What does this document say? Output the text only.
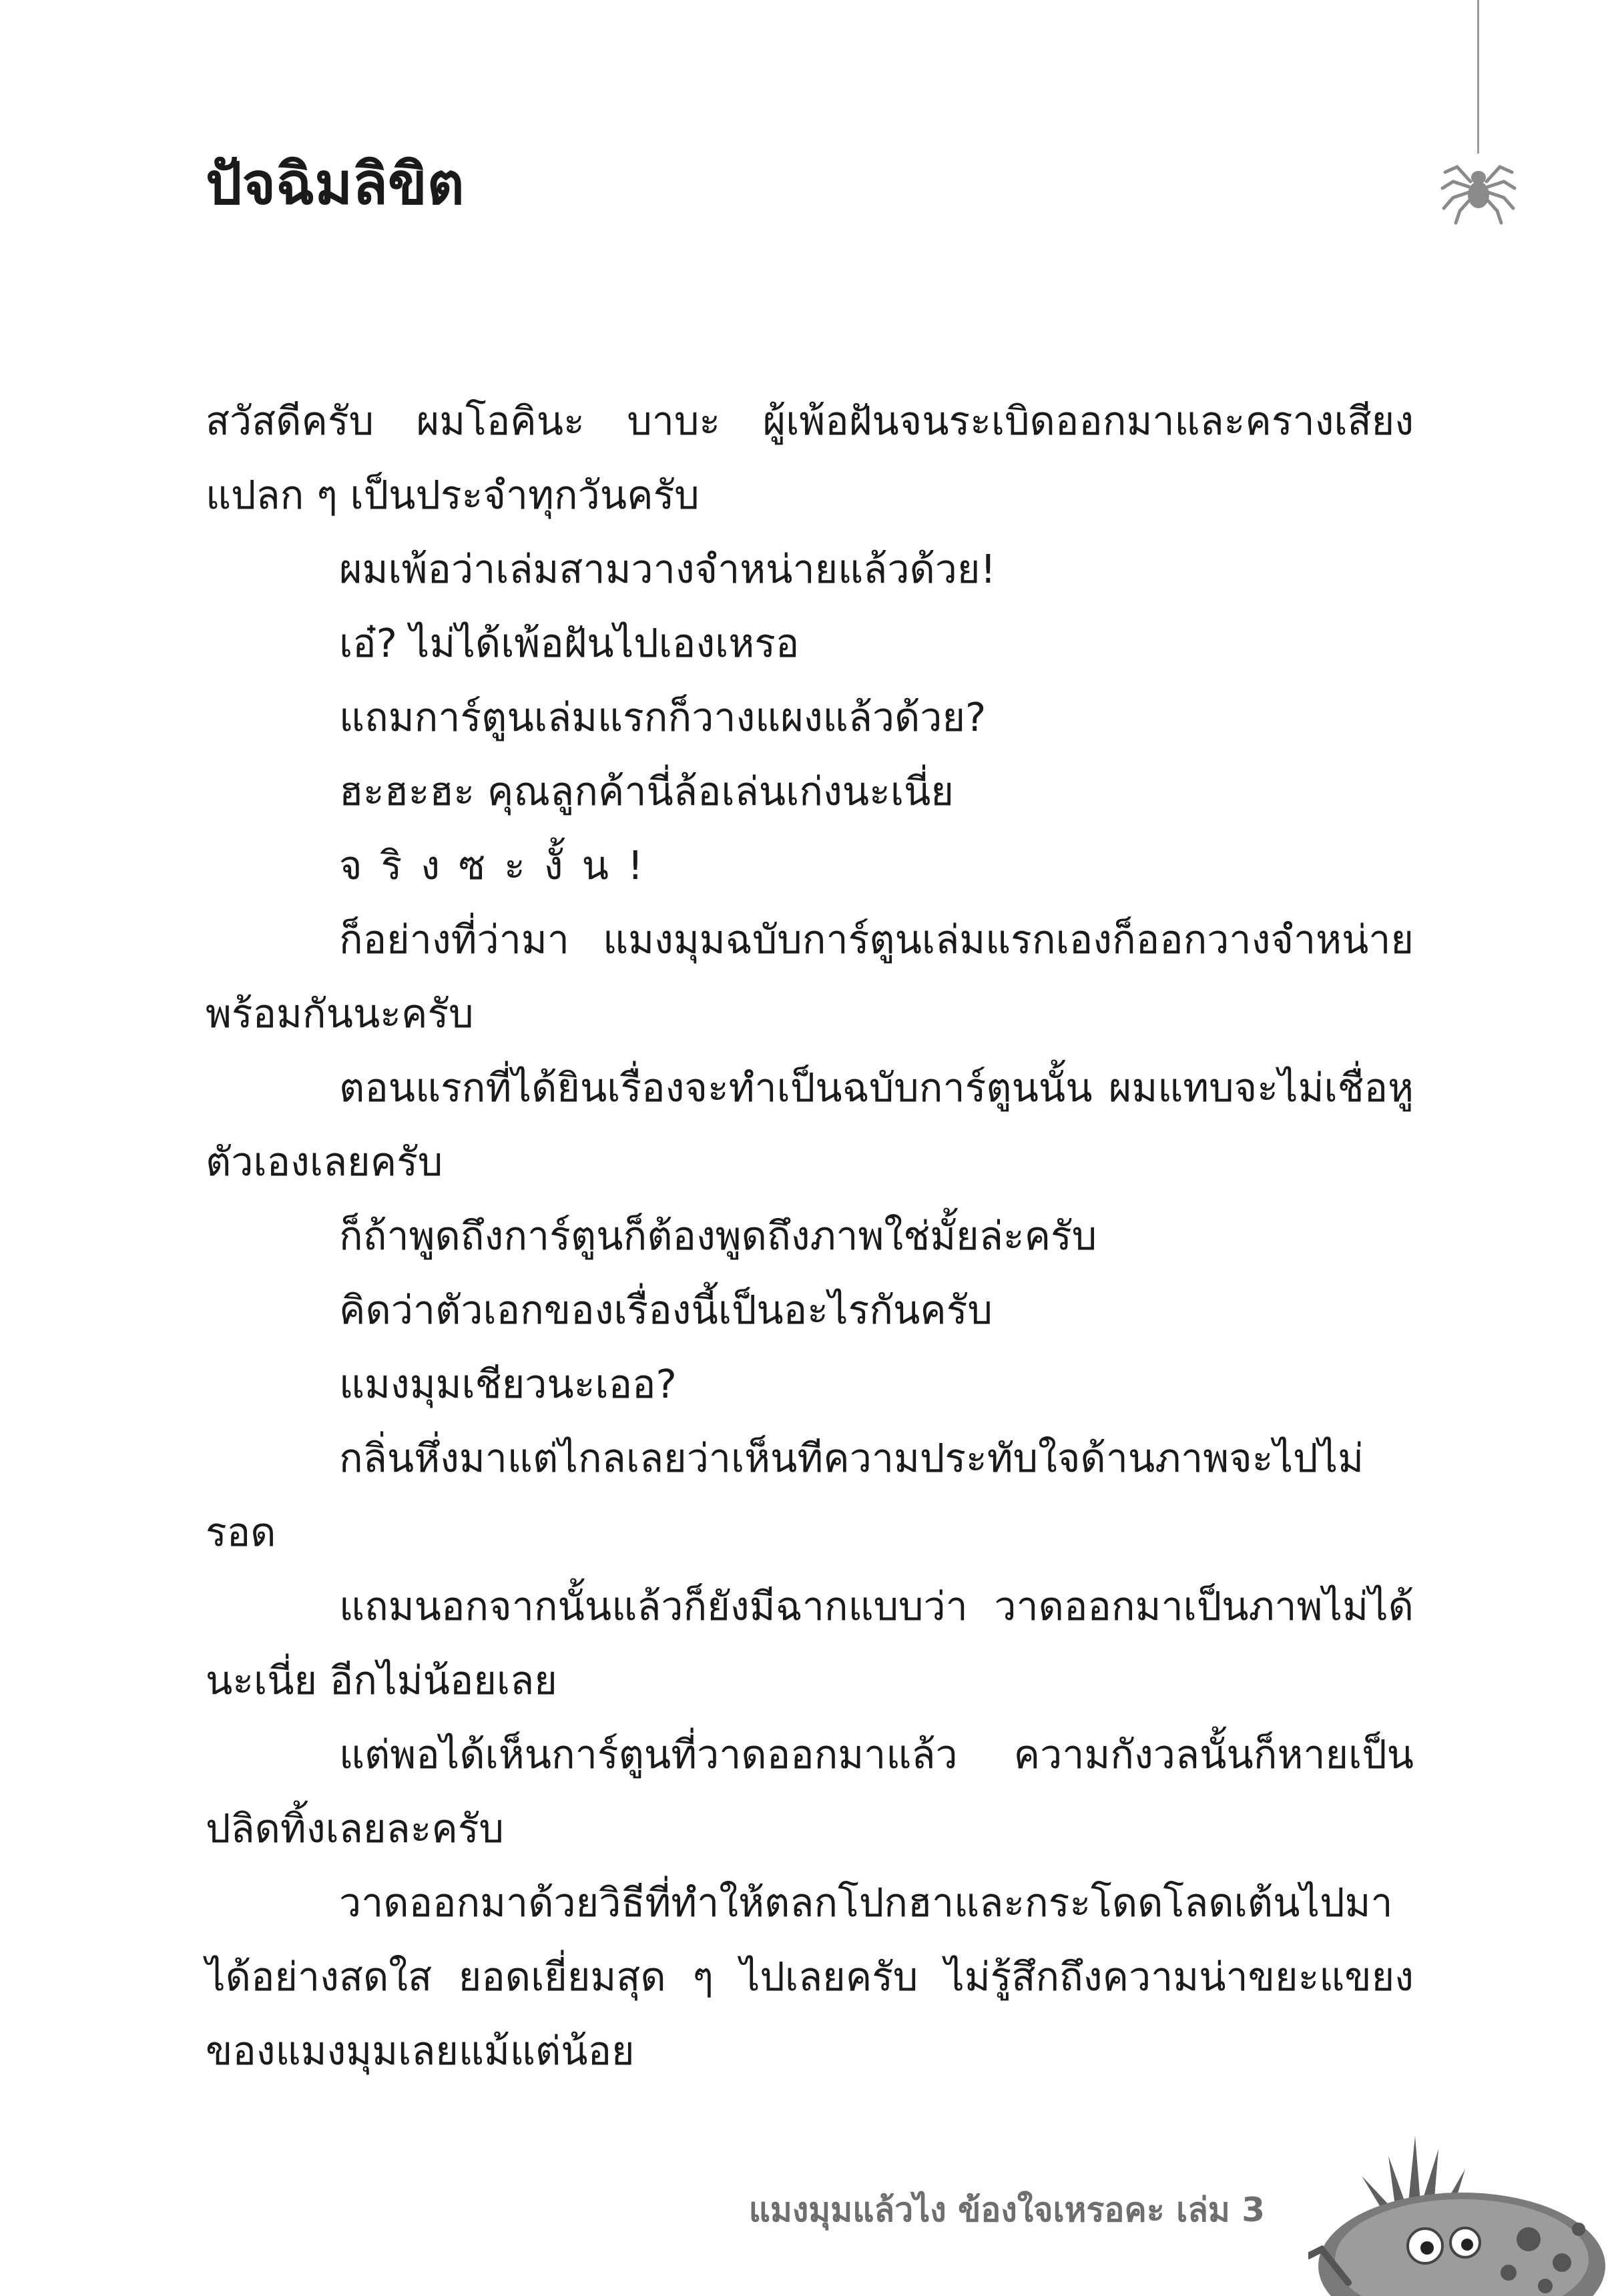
ปัจฉิมลิขิต

สวัสดีครับ ผมโอคินะ บาบะ ผู้เพ้อฝันจนระเบิดออกมาและครางเสียงแปลก ๆ เป็นประจำทุกวันครับ

ผมเพ้อว่าเล่มสามวางจำหน่ายแล้วด้วย!

เอ๋? ไม่ได้เพ้อฝันไปเองเหรอ

แถมการ์ตูนเล่มแรกก็วางแผงแล้วด้วย?

ฮะฮะฮะ คุณลูกค้านี่ล้อเล่นเก่งนะเนี่ย

จริงซะงั้น!

ก็อย่างที่ว่ามา แมงมุมฉบับการ์ตูนเล่มแรกเองก็ออกวางจำหน่ายพร้อมกันนะครับ

ตอนแรกที่ได้ยินเรื่องจะทำเป็นฉบับการ์ตูนนั้น ผมแทบจะไม่เชื่อหูตัวเองเลยครับ

ก็ถ้าพูดถึงการ์ตูนก็ต้องพูดถึงภาพใช่มั้ยล่ะครับ

คิดว่าตัวเอกของเรื่องนี้เป็นอะไรกันครับ

แมงมุมเชียวนะเออ?

กลิ่นหึ่งมาแต่ไกลเลยว่าเห็นทีความประทับใจด้านภาพจะไปไม่รอด

แถมนอกจากนั้นแล้วก็ยังมีฉากแบบว่า วาดออกมาเป็นภาพไม่ได้นะเนี่ย อีกไม่น้อยเลย

แต่พอได้เห็นการ์ตูนที่วาดออกมาแล้ว ความกังวลนั้นก็หายเป็นปลิดทิ้งเลยละครับ

วาดออกมาด้วยวิธีที่ทำให้ตลกโปกฮาและกระโดดโลดเต้นไปมาได้อย่างสดใส ยอดเยี่ยมสุด ๆ ไปเลยครับ ไม่รู้สึกถึงความน่าขยะแขยงของแมงมุมเลยแม้แต่น้อย

แมงมุมแล้วไง ข้องใจเหรอคะ เล่ม 3
